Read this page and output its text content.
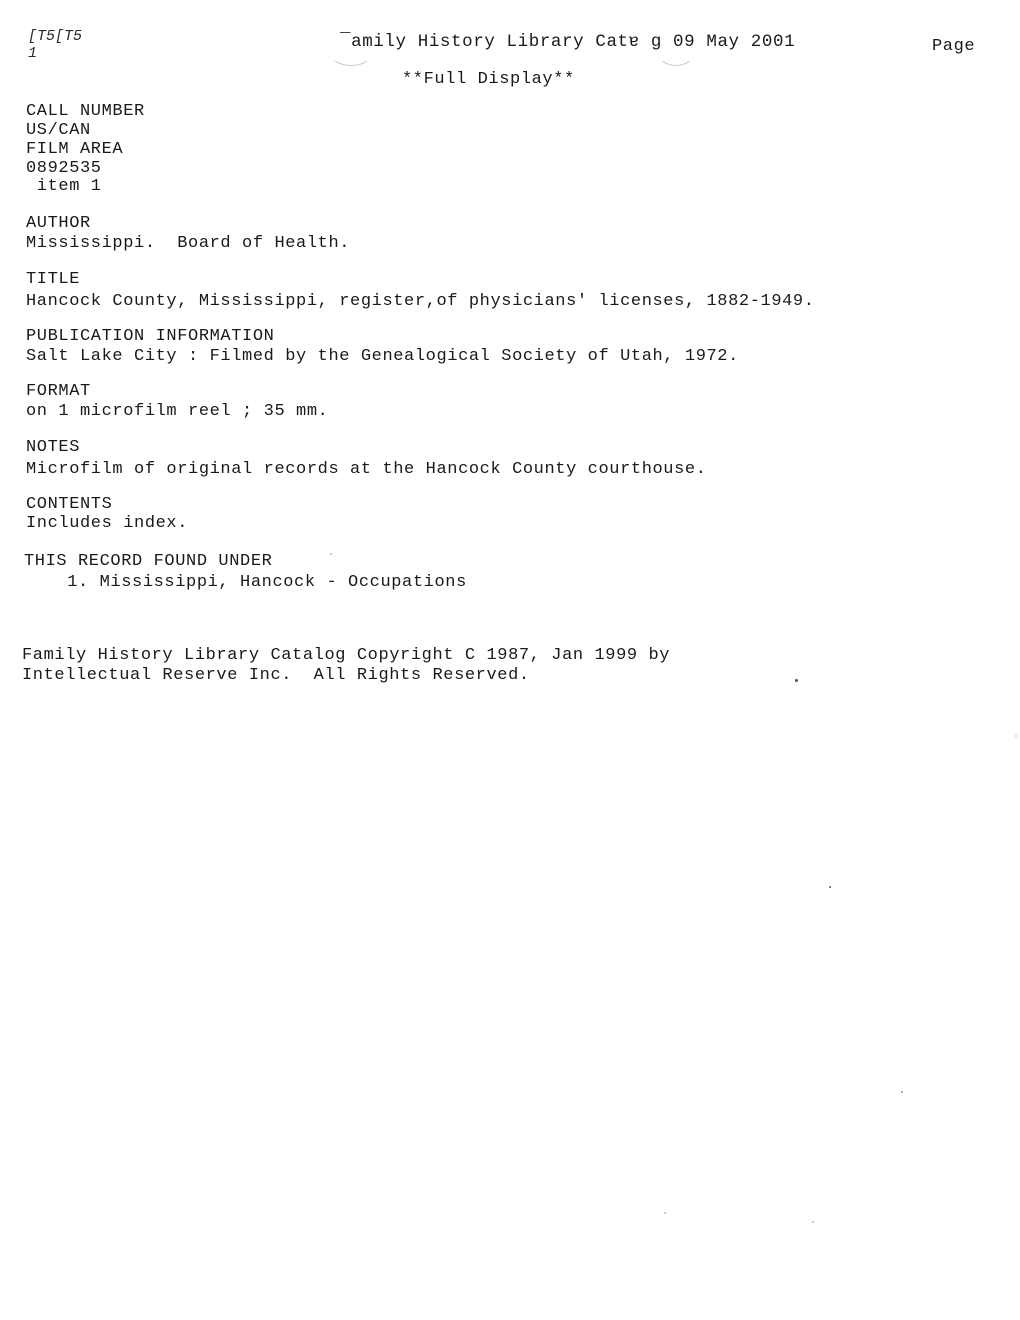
[T5[T5
1
¯amily History Library Catɐ g 09 May 2001	Page
**Full Display**
CALL NUMBER
US/CAN
FILM AREA
0892535
item 1
AUTHOR
Mississippi.  Board of Health.
TITLE
Hancock County, Mississippi, register,of physicians' licenses, 1882-1949.
PUBLICATION INFORMATION
Salt Lake City : Filmed by the Genealogical Society of Utah, 1972.
FORMAT
on 1 microfilm reel ; 35 mm.
NOTES
Microfilm of original records at the Hancock County courthouse.
CONTENTS
Includes index.
THIS RECORD FOUND UNDER
1. Mississippi, Hancock - Occupations
Family History Library Catalog Copyright C 1987, Jan 1999 by
Intellectual Reserve Inc.  All Rights Reserved.
